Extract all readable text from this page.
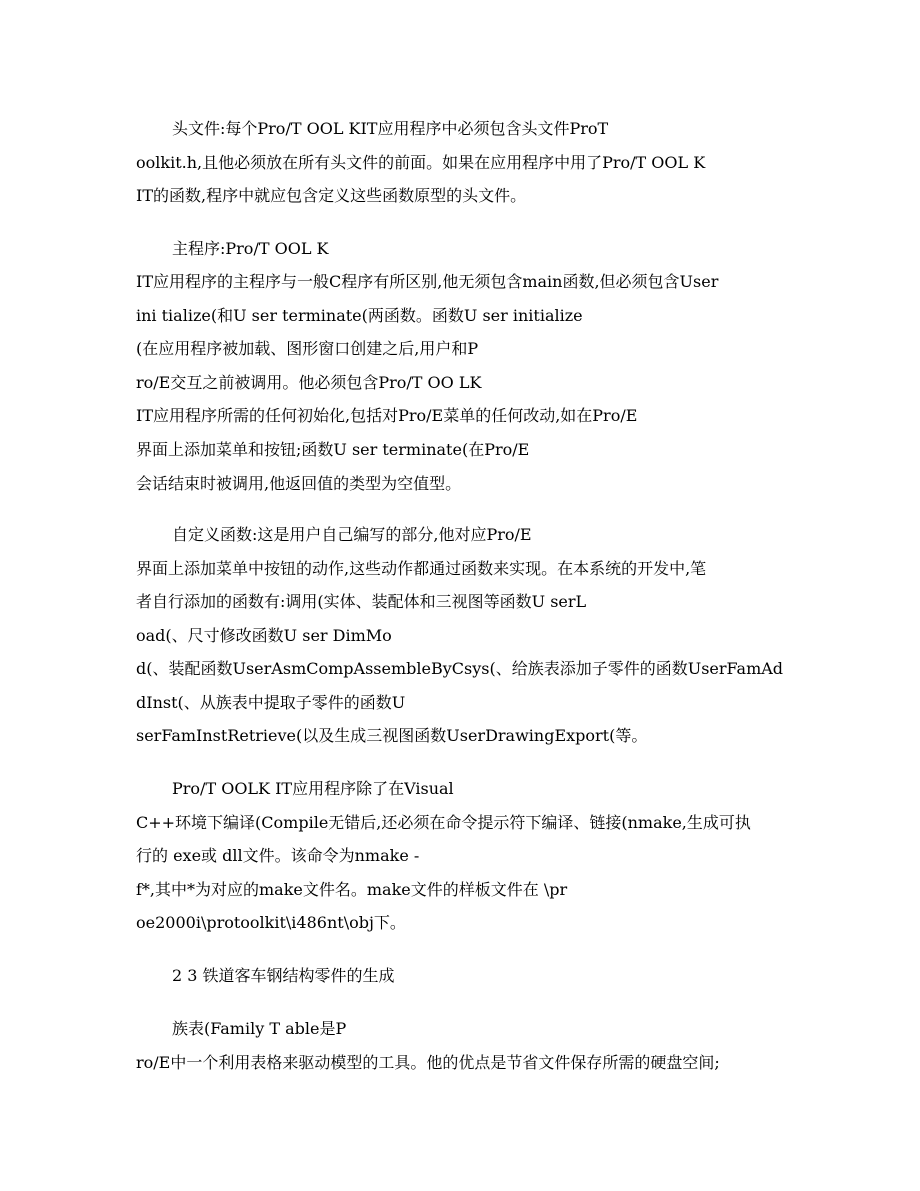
头文件:每个Pro/T OOL KIT应用程序中必须包含头文件ProT
oolkit.h,且他必须放在所有头文件的前面。如果在应用程序中用了Pro/T OOL K
IT的函数,程序中就应包含定义这些函数原型的头文件。
主程序:Pro/T OOL K
IT应用程序的主程序与一般C程序有所区别,他无须包含main函数,但必须包含User
ini tialize(和U ser terminate(两函数。函数U ser initialize
(在应用程序被加载、图形窗口创建之后,用户和P
ro/E交互之前被调用。他必须包含Pro/T OO LK
IT应用程序所需的任何初始化,包括对Pro/E菜单的任何改动,如在Pro/E
界面上添加菜单和按钮;函数U ser terminate(在Pro/E
会话结束时被调用,他返回值的类型为空值型。
自定义函数:这是用户自己编写的部分,他对应Pro/E
界面上添加菜单中按钮的动作,这些动作都通过函数来实现。在本系统的开发中,笔
者自行添加的函数有:调用(实体、装配体和三视图等函数U serL
oad(、尺寸修改函数U ser DimMo
d(、装配函数UserAsmCompAssembleByCsys(、给族表添加子零件的函数UserFamAd
dInst(、从族表中提取子零件的函数U
serFamInstRetrieve(以及生成三视图函数UserDrawingExport(等。
Pro/T OOLK IT应用程序除了在Visual
C++环境下编译(Compile无错后,还必须在命令提示符下编译、链接(nmake,生成可执
行的 exe或 dll文件。该命令为nmake -
f*,其中*为对应的make文件名。make文件的样板文件在 \pr
oe2000i\protoolkit\i486nt\obj下。
2 3 铁道客车钢结构零件的生成
族表(Family T able是P
ro/E中一个利用表格来驱动模型的工具。他的优点是节省文件保存所需的硬盘空间;
